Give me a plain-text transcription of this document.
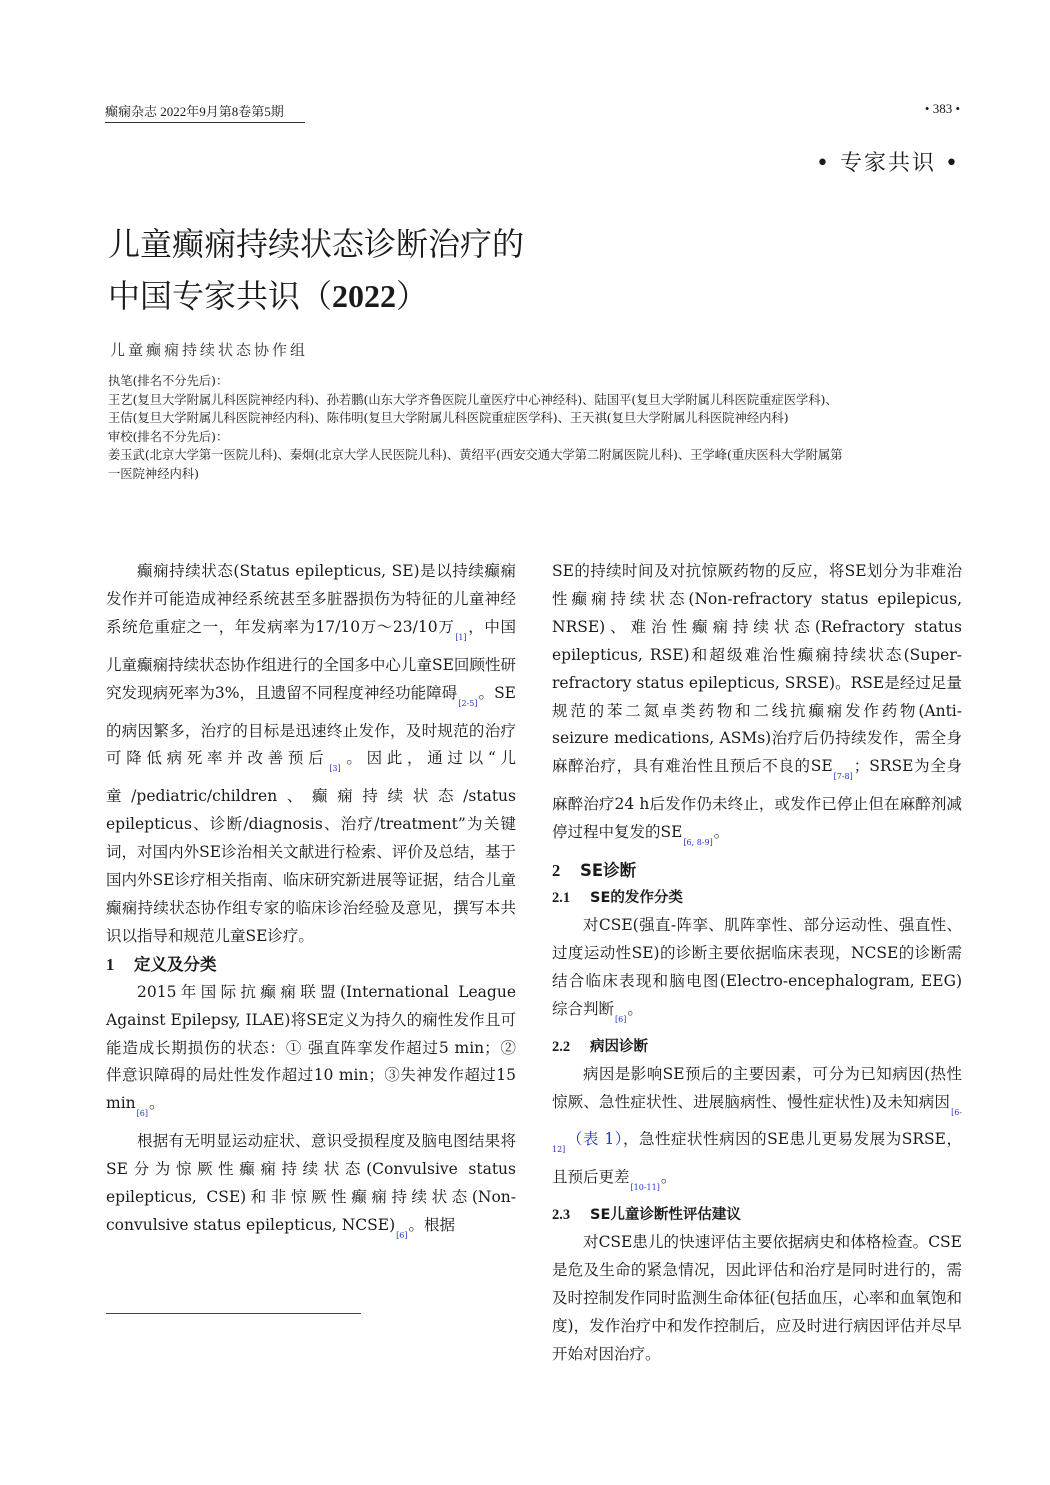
癫痫杂志 2022年9月第8卷第5期	• 383 •
• 专家共识 •
儿童癫痫持续状态诊断治疗的
中国专家共识（2022）
儿童癫痫持续状态协作组

执笔(排名不分先后)：

王艺(复旦大学附属儿科医院神经内科)、孙若鹏(山东大学齐鲁医院儿童医疗中心神经科)、陆国平(复旦大学附属儿科医院重症医学科)、王佶(复旦大学附属儿科医院神经内科)、陈伟明(复旦大学附属儿科医院重症医学科)、王天祺(复旦大学附属儿科医院神经内科)

审校(排名不分先后)：

姜玉武(北京大学第一医院儿科)、秦炯(北京大学人民医院儿科)、黄绍平(西安交通大学第二附属医院儿科)、王学峰(重庆医科大学附属第一医院神经内科)

癫痫持续状态(Status epilepticus, SE)是以持续癫痫发作并可能造成神经系统甚至多脏器损伤为特征的儿童神经系统危重症之一，年发病率为17/10万～23/10万[1]，中国儿童癫痫持续状态协作组进行的全国多中心儿童SE回顾性研究发现病死率为3%，且遗留不同程度神经功能障碍[2-5]。SE的病因繁多，治疗的目标是迅速终止发作，及时规范的治疗可降低病死率并改善预后[3]。因此，通过以“儿童/pediatric/children、癫痫持续状态/status epilepticus、诊断/diagnosis、治疗/treatment”为关键词，对国内外SE诊治相关文献进行检索、评价及总结，基于国内外SE诊疗相关指南、临床研究新进展等证据，结合儿童癫痫持续状态协作组专家的临床诊治经验及意见，撰写本共识以指导和规范儿童SE诊疗。

1 定义及分类

2015年国际抗癫痫联盟(International League Against Epilepsy, ILAE)将SE定义为持久的痫性发作且可能造成长期损伤的状态：① 强直阵挛发作超过5 min；② 伴意识障碍的局灶性发作超过10 min；③失神发作超过15 min[6]。

根据有无明显运动症状、意识受损程度及脑电图结果将SE分为惊厥性癫痫持续状态(Convulsive status epilepticus, CSE)和非惊厥性癫痫持续状态(Non-convulsive status epilepticus, NCSE)[6]。根据

SE的持续时间及对抗惊厥药物的反应，将SE划分为非难治性癫痫持续状态(Non-refractory status epilepicus, NRSE)、难治性癫痫持续状态(Refractory status epilepticus, RSE)和超级难治性癫痫持续状态(Super-refractory status epilepticus, SRSE)。RSE是经过足量规范的苯二氮卓类药物和二线抗癫痫发作药物(Anti-seizure medications, ASMs)治疗后仍持续发作，需全身麻醉治疗，具有难治性且预后不良的SE[7-8]；SRSE为全身麻醉治疗24 h后发作仍未终止，或发作已停止但在麻醉剂减停过程中复发的SE[6, 8-9]。

2 SE诊断

2.1 SE的发作分类

对CSE(强直-阵挛、肌阵挛性、部分运动性、强直性、过度运动性SE)的诊断主要依据临床表现，NCSE的诊断需结合临床表现和脑电图(Electro-encephalogram, EEG)综合判断[6]。

2.2 病因诊断

病因是影响SE预后的主要因素，可分为已知病因(热性惊厥、急性症状性、进展脑病性、慢性症状性)及未知病因[6-12]（表 1），急性症状性病因的SE患儿更易发展为SRSE，且预后更差[10-11]。

2.3 SE儿童诊断性评估建议

对CSE患儿的快速评估主要依据病史和体格检查。CSE是危及生命的紧急情况，因此评估和治疗是同时进行的，需及时控制发作同时监测生命体征(包括血压，心率和血氧饱和度)，发作治疗中和发作控制后，应及时进行病因评估并尽早开始对因治疗。
